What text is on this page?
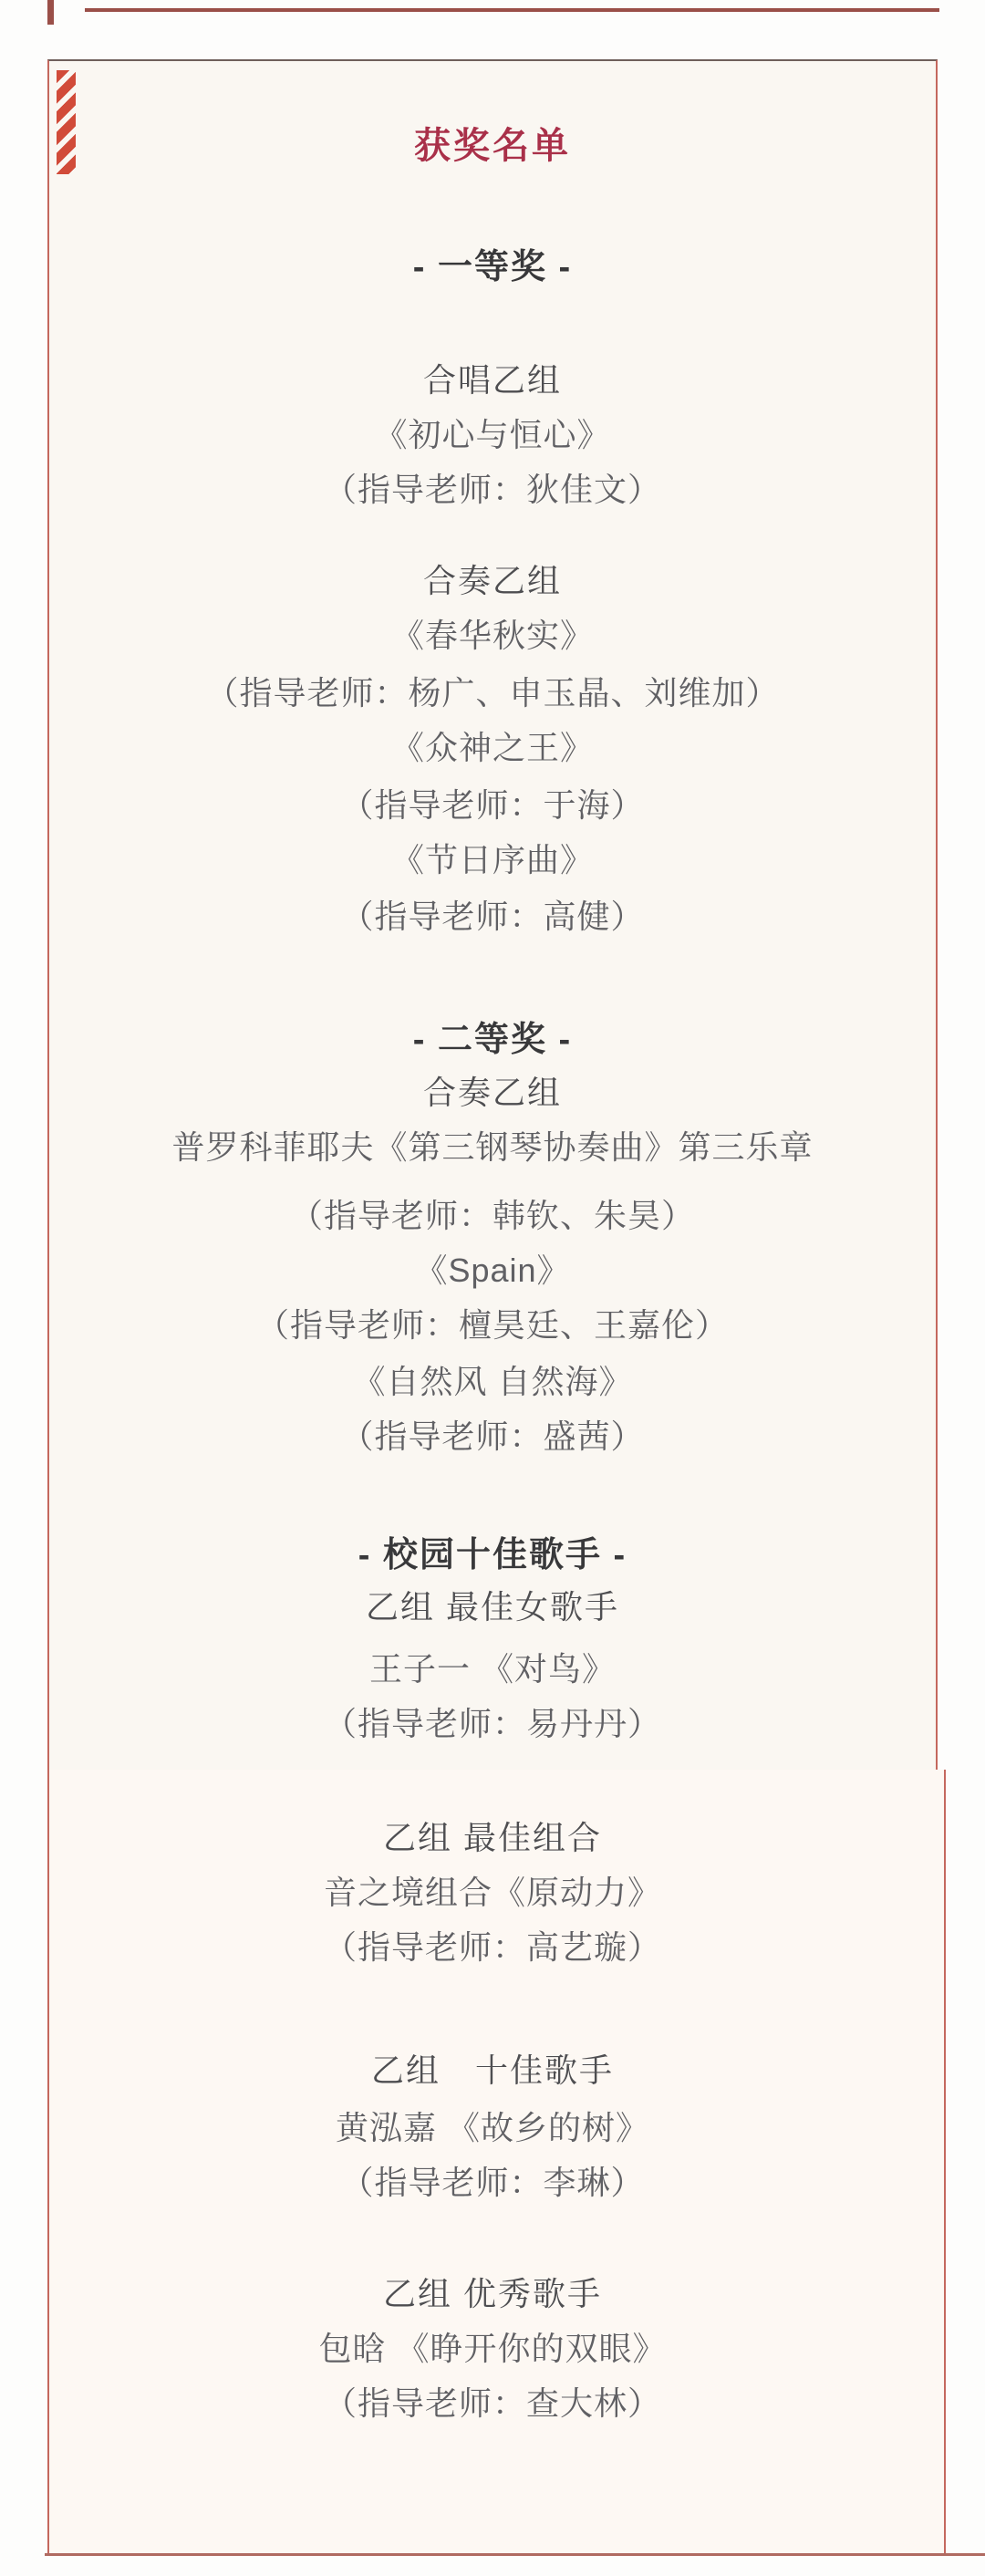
获奖名单
- 一等奖 -
合唱乙组
《初心与恒心》
（指导老师：狄佳文）
合奏乙组
《春华秋实》
（指导老师：杨广、申玉晶、刘维加）
《众神之王》
（指导老师：于海）
《节日序曲》
（指导老师：高健）
- 二等奖 -
合奏乙组
普罗科菲耶夫《第三钢琴协奏曲》第三乐章
（指导老师：韩钦、朱昊）
《Spain》
（指导老师：檀昊廷、王嘉伦）
《自然风 自然海》
（指导老师：盛茜）
- 校园十佳歌手 -
乙组 最佳女歌手
王子一 《对鸟》
（指导老师：易丹丹）
乙组 最佳组合
音之境组合《原动力》
（指导老师：高艺璇）
乙组　十佳歌手
黄泓嘉 《故乡的树》
（指导老师：李琳）
乙组 优秀歌手
包晗 《睁开你的双眼》
（指导老师：查大林）
